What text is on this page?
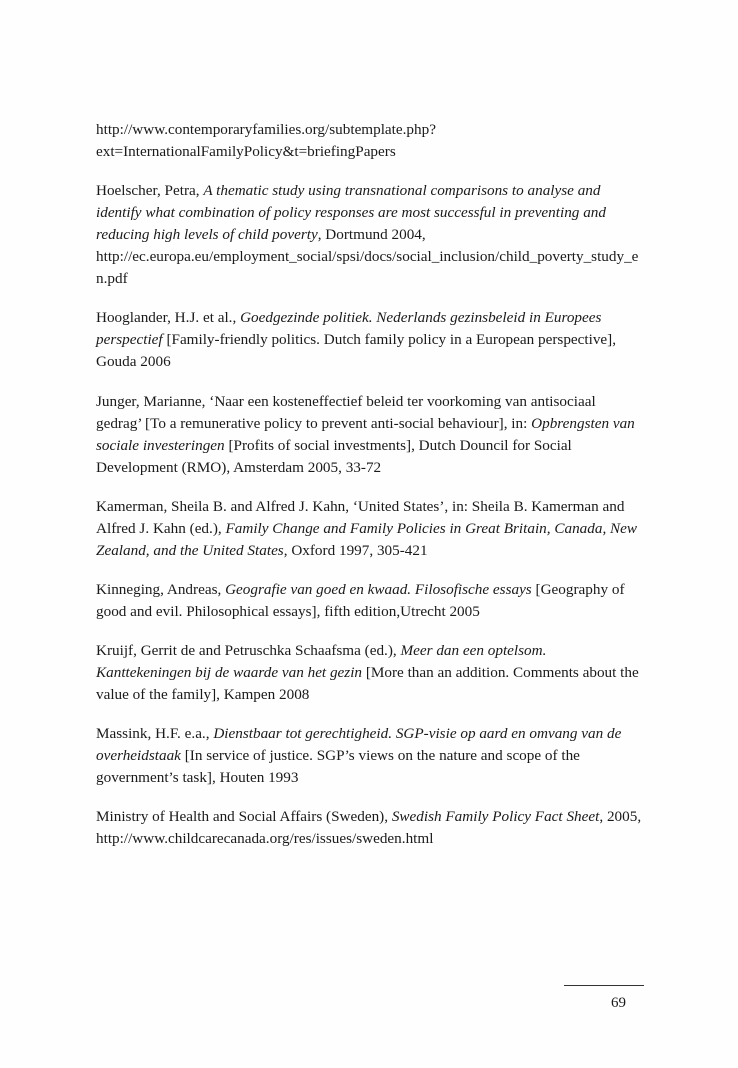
http://www.contemporaryfamilies.org/subtemplate.php?ext=InternationalFamilyPolicy&t=briefingPapers

Hoelscher, Petra, A thematic study using transnational comparisons to analyse and identify what combination of policy responses are most successful in preventing and reducing high levels of child poverty, Dortmund 2004, http://ec.europa.eu/employment_social/spsi/docs/social_inclusion/child_poverty_study_en.pdf

Hooglander, H.J. et al., Goedgezinde politiek. Nederlands gezinsbeleid in Europees perspectief [Family-friendly politics. Dutch family policy in a European perspective], Gouda 2006

Junger, Marianne, ‘Naar een kosteneffectief beleid ter voorkoming van antisociaal gedrag’ [To a remunerative policy to prevent anti-social behaviour], in: Opbrengsten van sociale investeringen [Profits of social investments], Dutch Douncil for Social Development (RMO), Amsterdam 2005, 33-72

Kamerman, Sheila B. and Alfred J. Kahn, ‘United States’, in: Sheila B. Kamerman and Alfred J. Kahn (ed.), Family Change and Family Policies in Great Britain, Canada, New Zealand, and the United States, Oxford 1997, 305-421

Kinneging, Andreas, Geografie van goed en kwaad. Filosofische essays [Geography of good and evil. Philosophical essays], fifth edition,Utrecht 2005

Kruijf, Gerrit de and Petruschka Schaafsma (ed.), Meer dan een optelsom. Kanttekeningen bij de waarde van het gezin [More than an addition. Comments about the value of the family], Kampen 2008

Massink, H.F. e.a., Dienstbaar tot gerechtigheid. SGP-visie op aard en omvang van de overheidstaak [In service of justice. SGP’s views on the nature and scope of the government’s task], Houten 1993

Ministry of Health and Social Affairs (Sweden), Swedish Family Policy Fact Sheet, 2005, http://www.childcarecanada.org/res/issues/sweden.html

69
